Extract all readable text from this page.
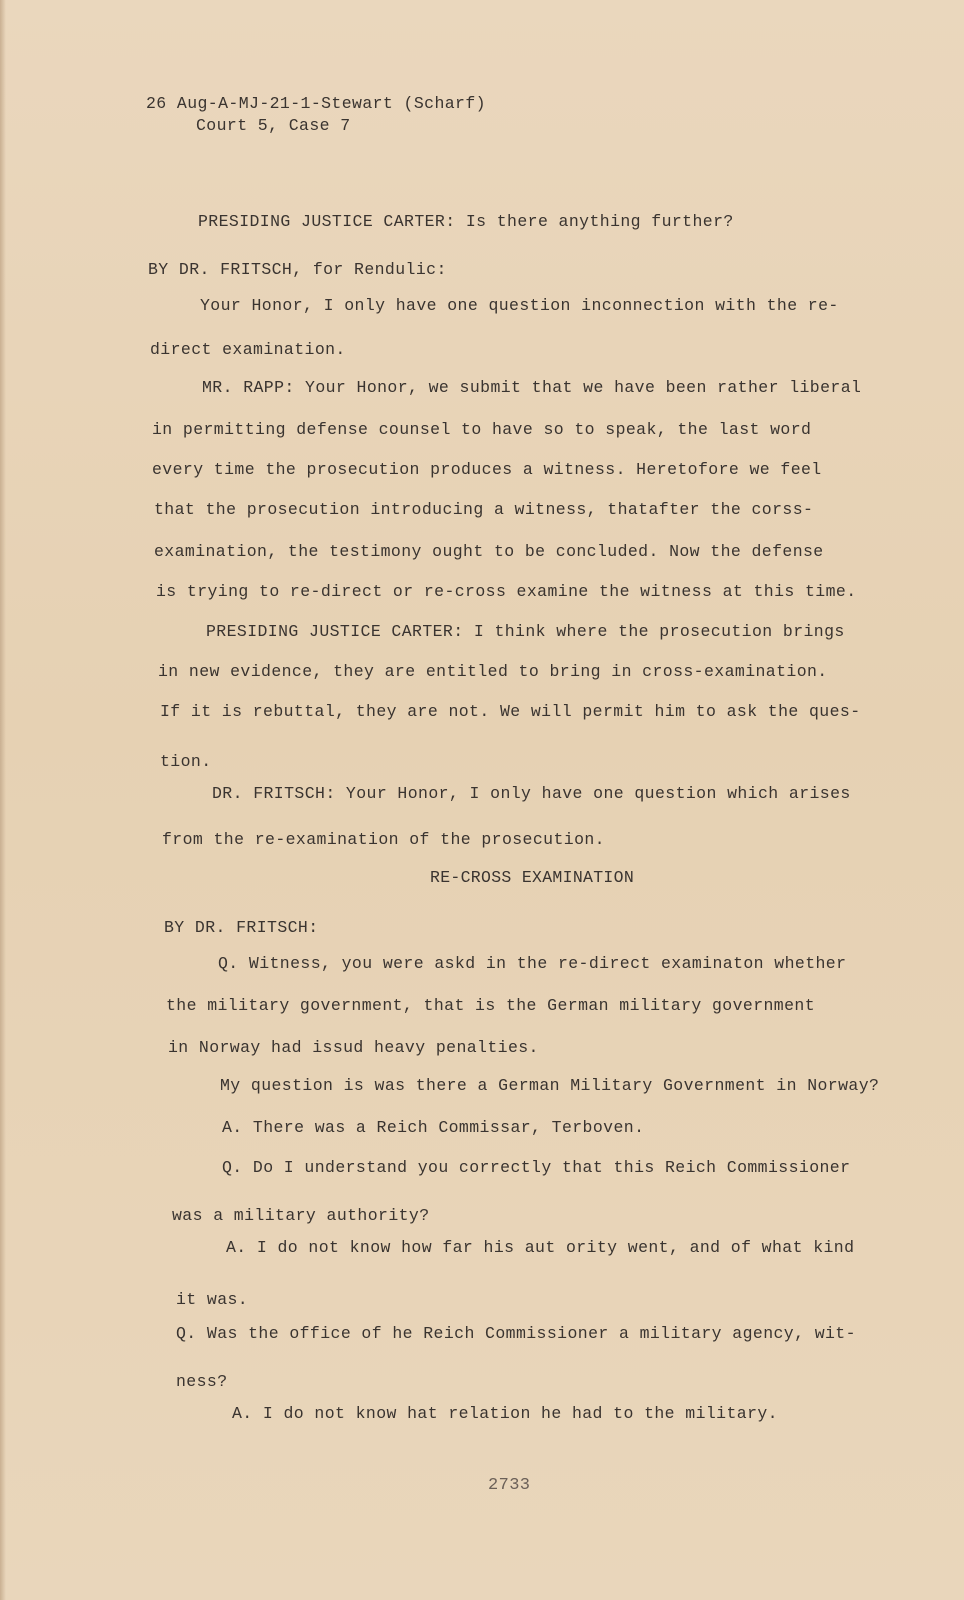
26 Aug-A-MJ-21-1-Stewart (Scharf)
Court 5, Case 7
PRESIDING JUSTICE CARTER: Is there anything further?
BY DR. FRITSCH, for Rendulic:
Your Honor, I only have one question inconnection with the re-
direct examination.
MR. RAPP: Your Honor, we submit that we have been rather liberal
in permitting defense counsel to have so to speak, the last word
every time the prosecution produces a witness. Heretofore we feel
that the prosecution introducing a witness, thatafter the corss-
examination, the testimony ought to be concluded. Now the defense
is trying to re-direct or re-cross examine the witness at this time.
PRESIDING JUSTICE CARTER: I think where the prosecution brings
in new evidence, they are entitled to bring in cross-examination.
If it is rebuttal, they are not. We will permit him to ask the ques-
tion.
DR. FRITSCH: Your Honor, I only have one question which arises
from the re-examination of the prosecution.
RE-CROSS EXAMINATION
BY DR. FRITSCH:
Q. Witness, you were askd in the re-direct examinaton whether
the military government, that is the German military government
in Norway had issud heavy penalties.
My question is was there a German Military Government in Norway?
A. There was a Reich Commissar, Terboven.
Q. Do I understand you correctly that this Reich Commissioner
was a military authority?
A. I do not know how far his aut ority went, and of what kind
it was.
Q. Was the office of he Reich Commissioner a military agency, wit-
ness?
A. I do not know hat relation he had to the military.
2733
